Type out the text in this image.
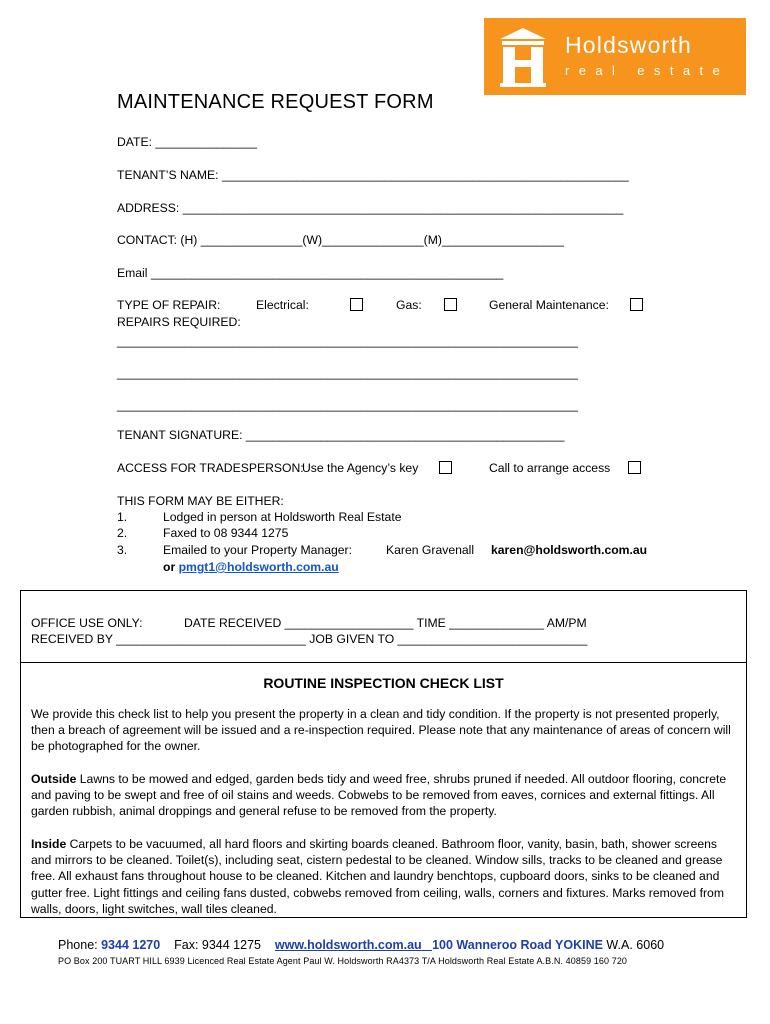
Holdsworth
real estate
MAINTENANCE REQUEST FORM
DATE: _______________
TENANT’S NAME: ____________________________________________________________
ADDRESS: _________________________________________________________________
CONTACT: (H) _______________(W)_______________(M)__________________
Email ____________________________________________________
TYPE OF REPAIR:	Electrical:	Gas:	General Maintenance:
REPAIRS REQUIRED:
____________________________________________________________________
____________________________________________________________________
____________________________________________________________________
TENANT SIGNATURE: _______________________________________________
ACCESS FOR TRADESPERSON:
Use the Agency’s key	Call to arrange access
THIS FORM MAY BE EITHER:
1.	Lodged in person at Holdsworth Real Estate
2.	Faxed to 08 9344 1275
3.	Emailed to your Property Manager:	Karen Gravenall karen@holdsworth.com.au
or pmgt1@holdsworth.com.au
OFFICE USE ONLY:	DATE RECEIVED ___________________ TIME ______________ AM/PM
RECEIVED BY ____________________________ JOB GIVEN TO ____________________________
ROUTINE INSPECTION CHECK LIST
We provide this check list to help you present the property in a clean and tidy condition. If the property is not presented properly, then a breach of agreement will be issued and a re-inspection required. Please note that any maintenance of areas of concern will be photographed for the owner.
Outside Lawns to be mowed and edged, garden beds tidy and weed free, shrubs pruned if needed. All outdoor flooring, concrete and paving to be swept and free of oil stains and weeds. Cobwebs to be removed from eaves, cornices and external fittings. All garden rubbish, animal droppings and general refuse to be removed from the property.
Inside Carpets to be vacuumed, all hard floors and skirting boards cleaned. Bathroom floor, vanity, basin, bath, shower screens and mirrors to be cleaned. Toilet(s), including seat, cistern pedestal to be cleaned. Window sills, tracks to be cleaned and grease free. All exhaust fans throughout house to be cleaned. Kitchen and laundry benchtops, cupboard doors, sinks to be cleaned and gutter free. Light fittings and ceiling fans dusted, cobwebs removed from ceiling, walls, corners and fixtures. Marks removed from walls, doors, light switches, wall tiles cleaned.
Phone: 9344 1270 Fax: 9344 1275 www.holdsworth.com.au 100 Wanneroo Road YOKINE W.A. 6060
PO Box 200 TUART HILL 6939 Licenced Real Estate Agent Paul W. Holdsworth RA4373 T/A Holdsworth Real Estate A.B.N. 40859 160 720
